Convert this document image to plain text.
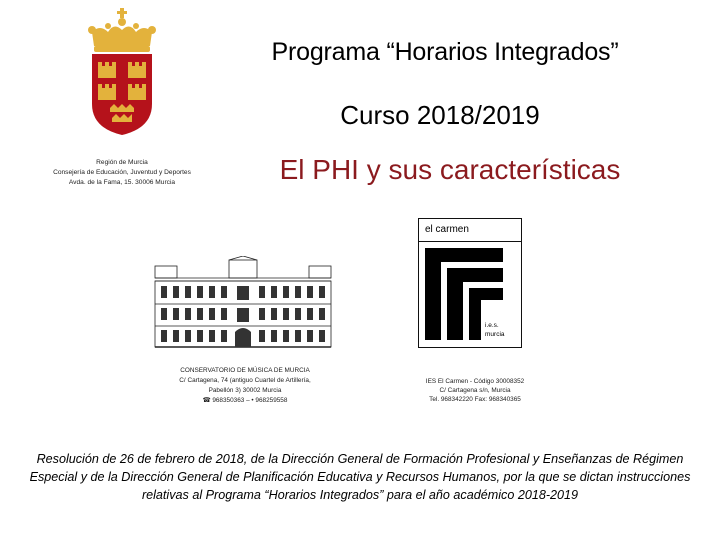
Región de Murcia
Consejería de Educación, Juventud y Deportes
Avda. de la Fama, 15. 30006 Murcia
Programa “Horarios Integrados”
Curso 2018/2019
El PHI y sus características
CONSERVATORIO DE MÚSICA DE MURCIA
C/ Cartagena, 74 (antiguo Cuartel de Artillería,
Pabellón 3) 30002 Murcia
☎ 968350363 – • 968259558
el carmen
i.e.s.
murcia
IES El Carmen - Código 30008352
C/ Cartagena s/n, Murcia
Tel. 968342220 Fax: 968340365
Resolución de 26 de febrero de 2018, de la Dirección General de Formación Profesional y Enseñanzas de Régimen Especial y de la Dirección General de Planificación Educativa y Recursos Humanos, por la que se dictan instrucciones relativas al Programa “Horarios Integrados” para el año académico 2018-2019
